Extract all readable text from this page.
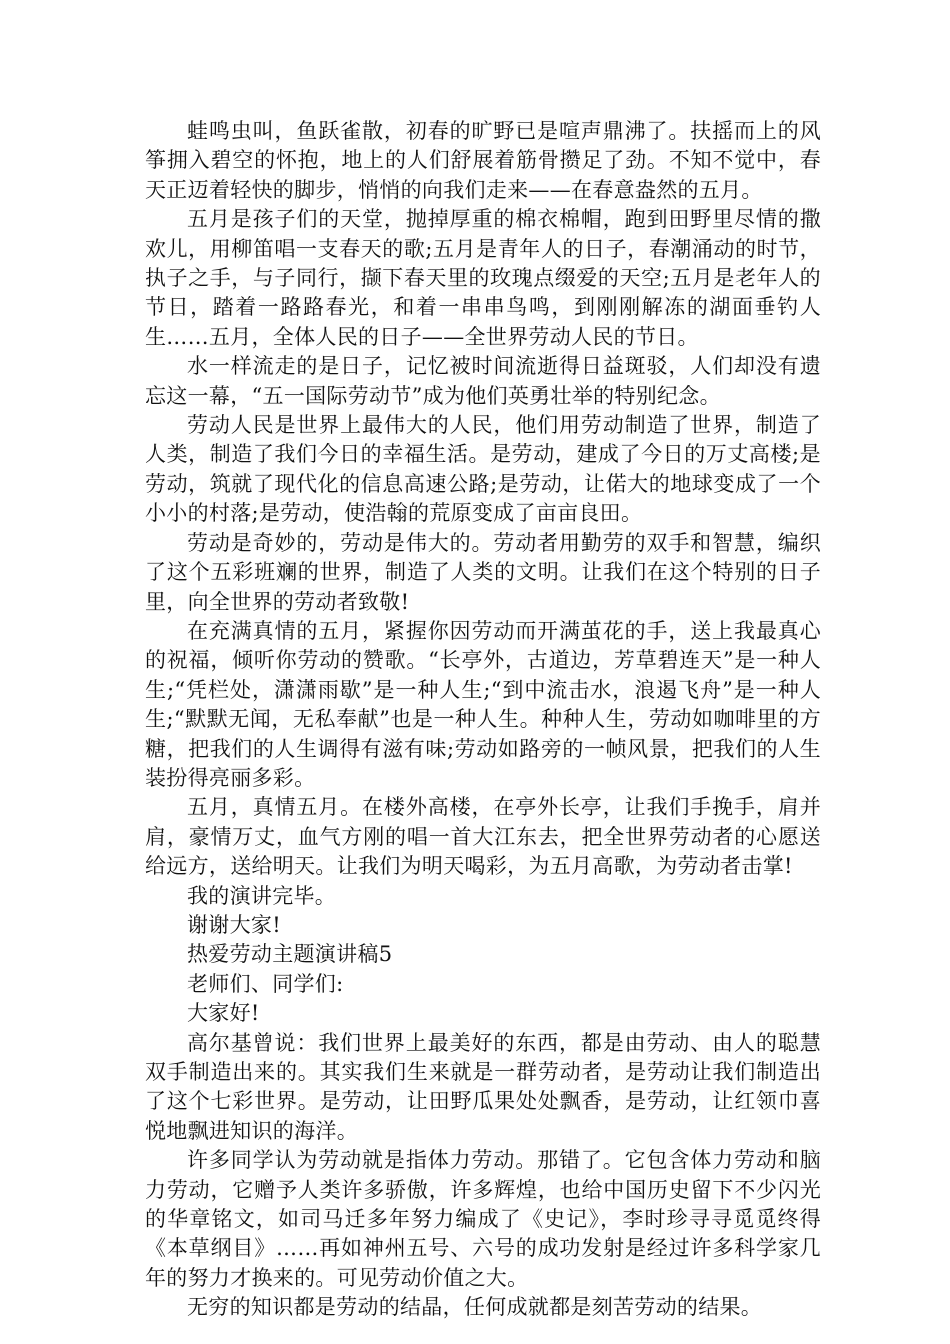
蛙鸣虫叫，鱼跃雀散，初春的旷野已是喧声鼎沸了。扶摇而上的风筝拥入碧空的怀抱，地上的人们舒展着筋骨攒足了劲。不知不觉中，春天正迈着轻快的脚步，悄悄的向我们走来——在春意盎然的五月。

五月是孩子们的天堂，抛掉厚重的棉衣棉帽，跑到田野里尽情的撒欢儿，用柳笛唱一支春天的歌;五月是青年人的日子，春潮涌动的时节，执子之手，与子同行，撷下春天里的玫瑰点缀爱的天空;五月是老年人的节日，踏着一路路春光，和着一串串鸟鸣，到刚刚解冻的湖面垂钓人生……五月，全体人民的日子——全世界劳动人民的节日。

水一样流走的是日子，记忆被时间流逝得日益斑驳，人们却没有遗忘这一幕，“五一国际劳动节”成为他们英勇壮举的特别纪念。

劳动人民是世界上最伟大的人民，他们用劳动制造了世界，制造了人类，制造了我们今日的幸福生活。是劳动，建成了今日的万丈高楼;是劳动，筑就了现代化的信息高速公路;是劳动，让偌大的地球变成了一个小小的村落;是劳动，使浩翰的荒原变成了亩亩良田。

劳动是奇妙的，劳动是伟大的。劳动者用勤劳的双手和智慧，编织了这个五彩班斓的世界，制造了人类的文明。让我们在这个特别的日子里，向全世界的劳动者致敬!

在充满真情的五月，紧握你因劳动而开满茧花的手，送上我最真心的祝福，倾听你劳动的赞歌。“长亭外，古道边，芳草碧连天”是一种人生;“凭栏处，潇潇雨歇”是一种人生;“到中流击水，浪遏飞舟”是一种人生;“默默无闻，无私奉献”也是一种人生。种种人生，劳动如咖啡里的方糖，把我们的人生调得有滋有味;劳动如路旁的一帧风景，把我们的人生装扮得亮丽多彩。

五月，真情五月。在楼外高楼，在亭外长亭，让我们手挽手，肩并肩，豪情万丈，血气方刚的唱一首大江东去，把全世界劳动者的心愿送给远方，送给明天。让我们为明天喝彩，为五月高歌，为劳动者击掌!

我的演讲完毕。

谢谢大家!

热爱劳动主题演讲稿5

老师们、同学们:

大家好!

高尔基曾说：我们世界上最美好的东西，都是由劳动、由人的聪慧双手制造出来的。其实我们生来就是一群劳动者，是劳动让我们制造出了这个七彩世界。是劳动，让田野瓜果处处飘香，是劳动，让红领巾喜悦地飘进知识的海洋。

许多同学认为劳动就是指体力劳动。那错了。它包含体力劳动和脑力劳动，它赠予人类许多骄傲，许多辉煌，也给中国历史留下不少闪光的华章铭文，如司马迁多年努力编成了《史记》，李时珍寻寻觅觅终得《本草纲目》……再如神州五号、六号的成功发射是经过许多科学家几年的努力才换来的。可见劳动价值之大。

无穷的知识都是劳动的结晶，任何成就都是刻苦劳动的结果。
